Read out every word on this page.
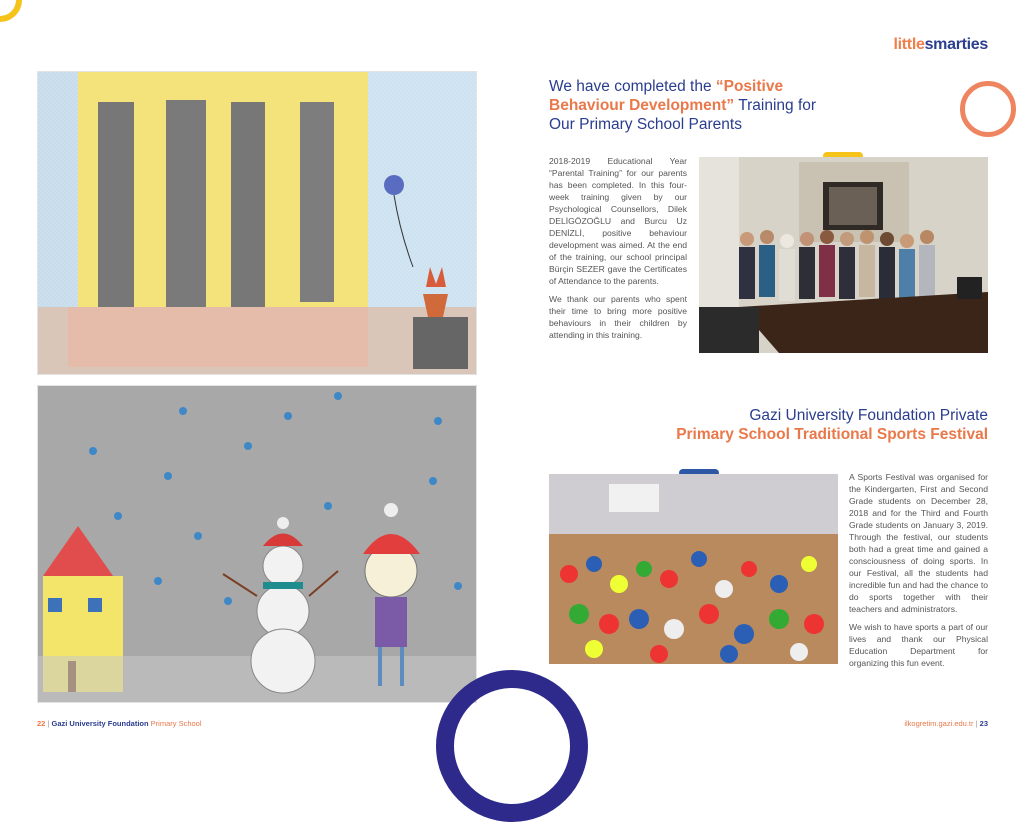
littlesmarties
We have completed the “Positive Behaviour Development” Training for Our Primary School Parents

2018-2019 Educational Year “Parental Training” for our parents has been completed. In this four-week training given by our Psychological Counsellors, Dilek DELİGÖZOĞLU and Burcu Uz DENİZLİ, positive behaviour development was aimed. At the end of the training, our school principal Bürçin SEZER gave the Certificates of Attendance to the parents.

We thank our parents who spent their time to bring more positive behaviours in their children by attending in this training.

Gazi University Foundation Private
Primary School Traditional Sports Festival

A Sports Festival was organised for the Kindergarten, First and Second Grade students on December 28, 2018 and for the Third and Fourth Grade students on January 3, 2019. Through the festival, our students both had a great time and gained a consciousness of doing sports. In our Festival, all the students had incredible fun and had the chance to do sports together with their teachers and administrators.

We wish to have sports a part of our lives and thank our Physical Education Department for organizing this fun event.

22 | Gazi University Foundation Primary School	ilkogretim.gazi.edu.tr | 23
